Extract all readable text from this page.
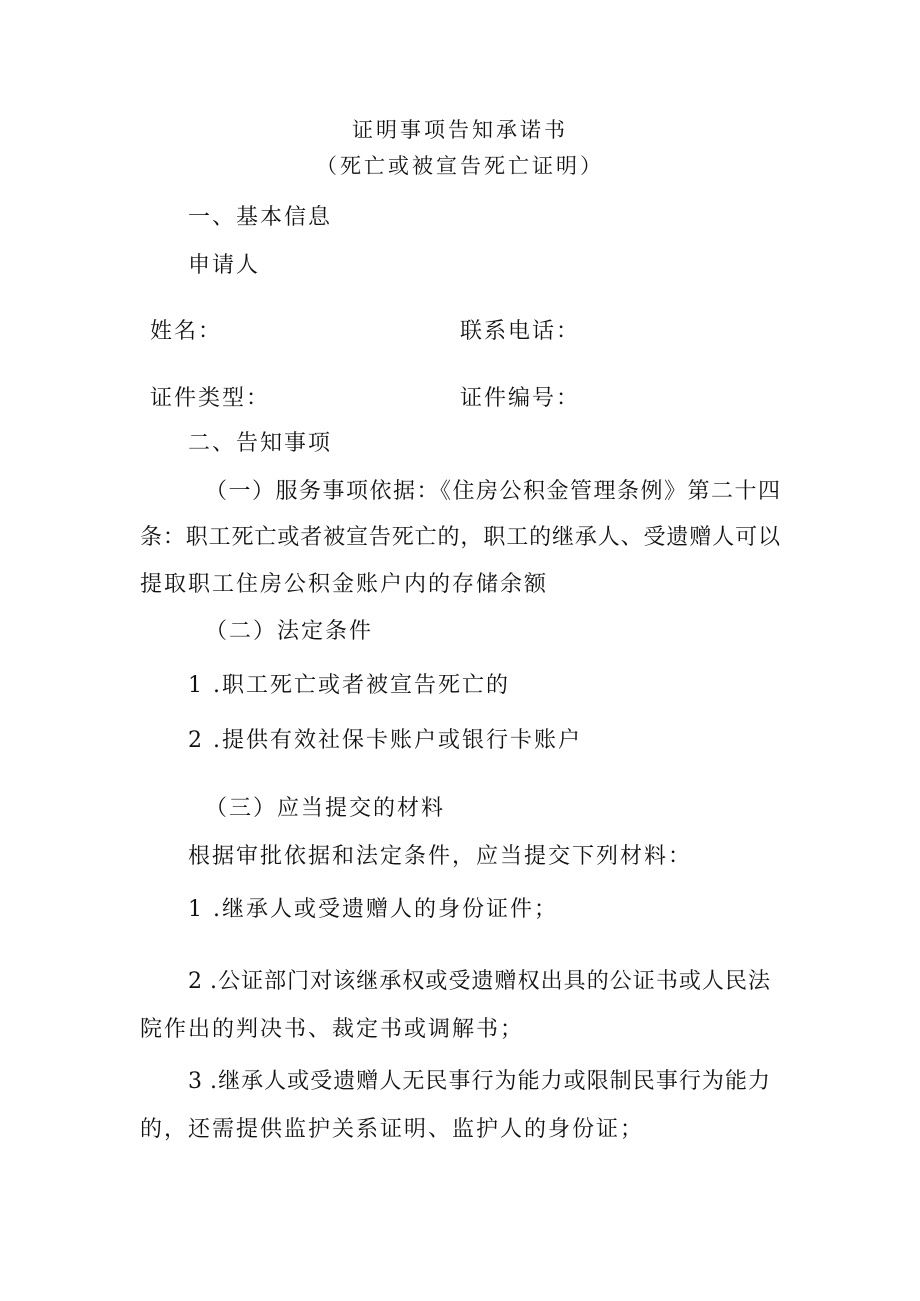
证明事项告知承诺书
（死亡或被宣告死亡证明）
一、基本信息
申请人
姓名：	联系电话：
证件类型：	证件编号：
二、告知事项
（一）服务事项依据：《住房公积金管理条例》第二十四
条：职工死亡或者被宣告死亡的，职工的继承人、受遗赠人可以
提取职工住房公积金账户内的存储余额
（二）法定条件
1 .职工死亡或者被宣告死亡的
2 .提供有效社保卡账户或银行卡账户
（三）应当提交的材料
根据审批依据和法定条件，应当提交下列材料：
1 .继承人或受遗赠人的身份证件；
2 .公证部门对该继承权或受遗赠权出具的公证书或人民法
院作出的判决书、裁定书或调解书；
3 .继承人或受遗赠人无民事行为能力或限制民事行为能力
的，还需提供监护关系证明、监护人的身份证；
